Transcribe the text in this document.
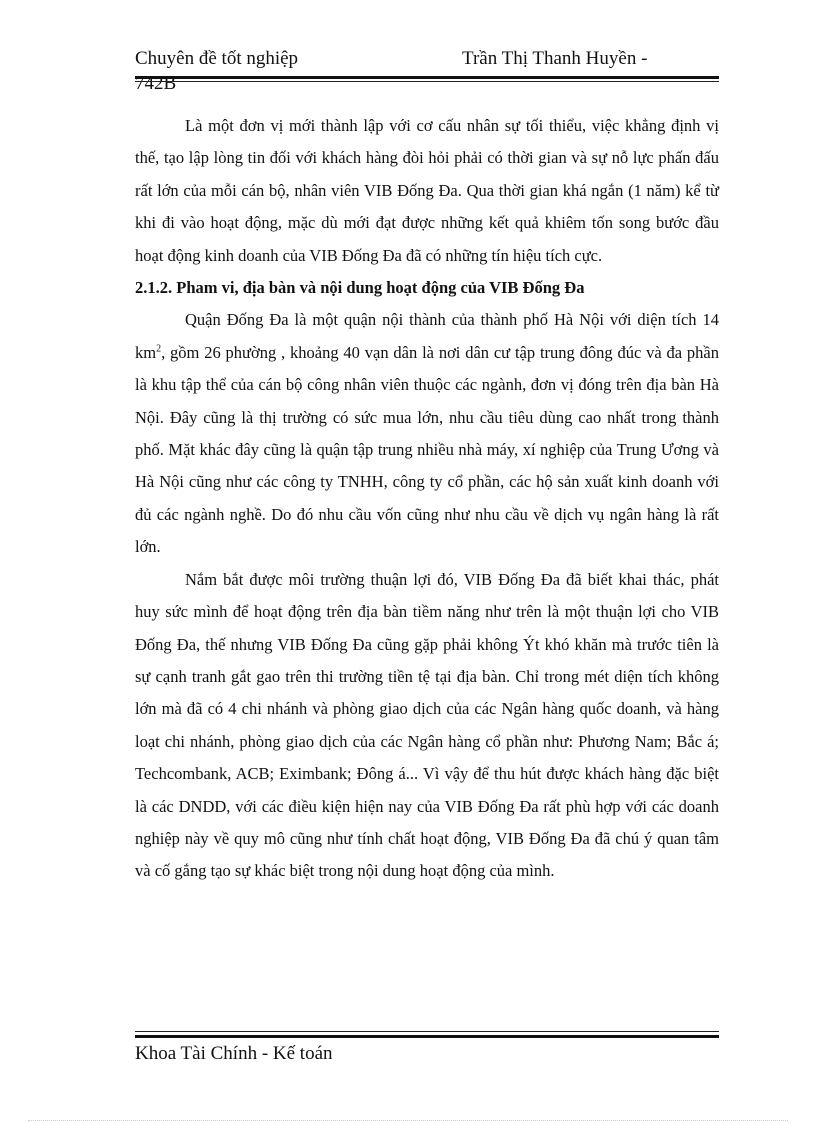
Chuyên đề tốt nghiệp	Trần Thị Thanh Huyền -
742B

Là một đơn vị mới thành lập với cơ cấu nhân sự tối thiểu, việc khẳng định vị thế, tạo lập lòng tin đối với khách hàng đòi hỏi phải có thời gian và sự nỗ lực phấn đấu rất lớn của mỗi cán bộ, nhân viên VIB Đống Đa. Qua thời gian khá ngắn (1 năm) kể từ khi đi vào hoạt động, mặc dù mới đạt được những kết quả khiêm tốn song bước đầu hoạt động kinh doanh của VIB Đống Đa đã có những tín hiệu tích cực.

2.1.2. Pham vi, địa bàn và nội dung hoạt động của VIB Đống Đa

Quận Đống Đa là một quận nội thành của thành phố Hà Nội với diện tích 14 $km^2$, gồm 26 phường , khoảng 40 vạn dân là nơi dân cư tập trung đông đúc và đa phần là khu tập thể của cán bộ công nhân viên thuộc các ngành, đơn vị đóng trên địa bàn Hà Nội. Đây cũng là thị trường có sức mua lớn, nhu cầu tiêu dùng cao nhất trong thành phố. Mặt khác đây cũng là quận tập trung nhiều nhà máy, xí nghiệp của Trung Ương và Hà Nội cũng như các công ty TNHH, công ty cổ phần, các hộ sản xuất kinh doanh với đủ các ngành nghề. Do đó nhu cầu vốn cũng như nhu cầu về dịch vụ ngân hàng là rất lớn.

Nắm bắt được môi trường thuận lợi đó, VIB Đống Đa đã biết khai thác, phát huy sức mình để hoạt động trên địa bàn tiềm năng như trên là một thuận lợi cho VIB Đống Đa, thế nhưng VIB Đống Đa cũng gặp phải không Ýt khó khăn mà trước tiên là sự cạnh tranh gắt gao trên thi trường tiền tệ tại địa bàn. Chỉ trong mét diện tích không lớn mà đã có 4 chi nhánh và phòng giao dịch của các Ngân hàng quốc doanh, và hàng loạt chi nhánh, phòng giao dịch của các Ngân hàng cổ phần như: Phương Nam; Bắc á; Techcombank, ACB; Eximbank; Đông á... Vì vậy để thu hút được khách hàng đặc biệt là các DNDD, với các điều kiện hiện nay của VIB Đống Đa rất phù hợp với các doanh nghiệp này về quy mô cũng như tính chất hoạt động, VIB Đống Đa đã chú ý quan tâm và cố gắng tạo sự khác biệt trong nội dung hoạt động của mình.

Khoa Tài Chính - Kế toán
